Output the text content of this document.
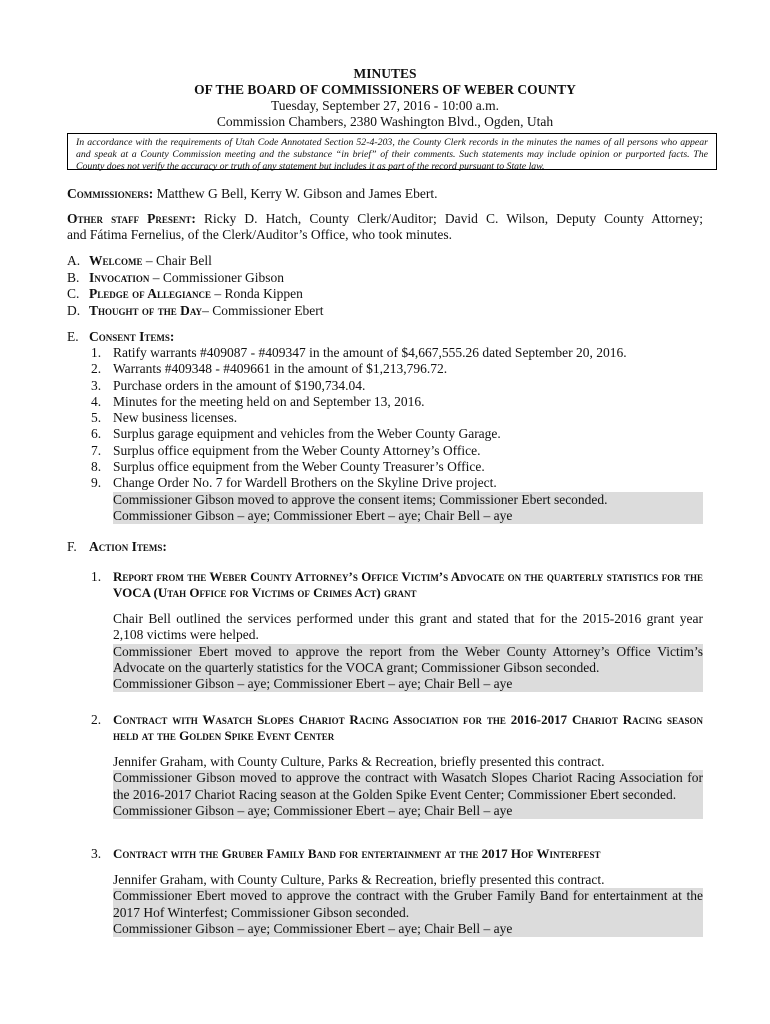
MINUTES
OF THE BOARD OF COMMISSIONERS OF WEBER COUNTY
Tuesday, September 27, 2016 - 10:00 a.m.
Commission Chambers, 2380 Washington Blvd., Ogden, Utah
In accordance with the requirements of Utah Code Annotated Section 52-4-203, the County Clerk records in the minutes the names of all persons who appear and speak at a County Commission meeting and the substance “in brief” of their comments. Such statements may include opinion or purported facts. The County does not verify the accuracy or truth of any statement but includes it as part of the record pursuant to State law.
Commissioners: Matthew G Bell, Kerry W. Gibson and James Ebert.
Other staff Present: Ricky D. Hatch, County Clerk/Auditor; David C. Wilson, Deputy County Attorney;
and Fátima Fernelius, of the Clerk/Auditor’s Office, who took minutes.
A. Welcome – Chair Bell
B. Invocation – Commissioner Gibson
C. Pledge of Allegiance – Ronda Kippen
D. Thought of the Day– Commissioner Ebert
E. Consent Items:
1. Ratify warrants #409087 - #409347 in the amount of $4,667,555.26 dated September 20, 2016.
2. Warrants #409348 - #409661 in the amount of $1,213,796.72.
3. Purchase orders in the amount of $190,734.04.
4. Minutes for the meeting held on and September 13, 2016.
5. New business licenses.
6. Surplus garage equipment and vehicles from the Weber County Garage.
7. Surplus office equipment from the Weber County Attorney’s Office.
8. Surplus office equipment from the Weber County Treasurer’s Office.
9. Change Order No. 7 for Wardell Brothers on the Skyline Drive project.
Commissioner Gibson moved to approve the consent items; Commissioner Ebert seconded.
Commissioner Gibson – aye; Commissioner Ebert – aye; Chair Bell – aye
F. Action Items:
1. Report from the Weber County Attorney’s Office Victim’s Advocate on the quarterly statistics for the VOCA (Utah Office for Victims of Crimes Act) grant

Chair Bell outlined the services performed under this grant and stated that for the 2015-2016 grant year 2,108 victims were helped.

Commissioner Ebert moved to approve the report from the Weber County Attorney’s Office Victim’s Advocate on the quarterly statistics for the VOCA grant; Commissioner Gibson seconded.

Commissioner Gibson – aye; Commissioner Ebert – aye; Chair Bell – aye

2. Contract with Wasatch Slopes Chariot Racing Association for the 2016-2017 Chariot Racing season held at the Golden Spike Event Center

Jennifer Graham, with County Culture, Parks & Recreation, briefly presented this contract.

Commissioner Gibson moved to approve the contract with Wasatch Slopes Chariot Racing Association for the 2016-2017 Chariot Racing season at the Golden Spike Event Center; Commissioner Ebert seconded.

Commissioner Gibson – aye; Commissioner Ebert – aye; Chair Bell – aye

3. Contract with the Gruber Family Band for entertainment at the 2017 Hof Winterfest

Jennifer Graham, with County Culture, Parks & Recreation, briefly presented this contract.

Commissioner Ebert moved to approve the contract with the Gruber Family Band for entertainment at the 2017 Hof Winterfest; Commissioner Gibson seconded.

Commissioner Gibson – aye; Commissioner Ebert – aye; Chair Bell – aye
